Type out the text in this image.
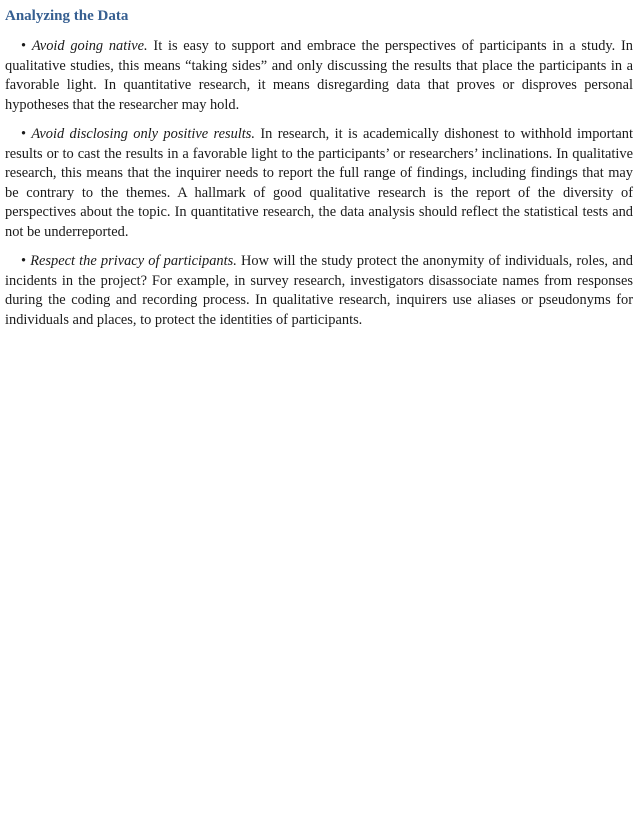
Analyzing the Data

• Avoid going native. It is easy to support and embrace the perspectives of participants in a study. In qualitative studies, this means “taking sides” and only discussing the results that place the participants in a favorable light. In quantitative research, it means disregarding data that proves or disproves personal hypotheses that the researcher may hold.

• Avoid disclosing only positive results. In research, it is academically dishonest to withhold important results or to cast the results in a favorable light to the participants’ or researchers’ inclinations. In qualitative research, this means that the inquirer needs to report the full range of findings, including findings that may be contrary to the themes. A hallmark of good qualitative research is the report of the diversity of perspectives about the topic. In quantitative research, the data analysis should reflect the statistical tests and not be underreported.

• Respect the privacy of participants. How will the study protect the anonymity of individuals, roles, and incidents in the project? For example, in survey research, investigators disassociate names from responses during the coding and recording process. In qualitative research, inquirers use aliases or pseudonyms for individuals and places, to protect the identities of participants.
